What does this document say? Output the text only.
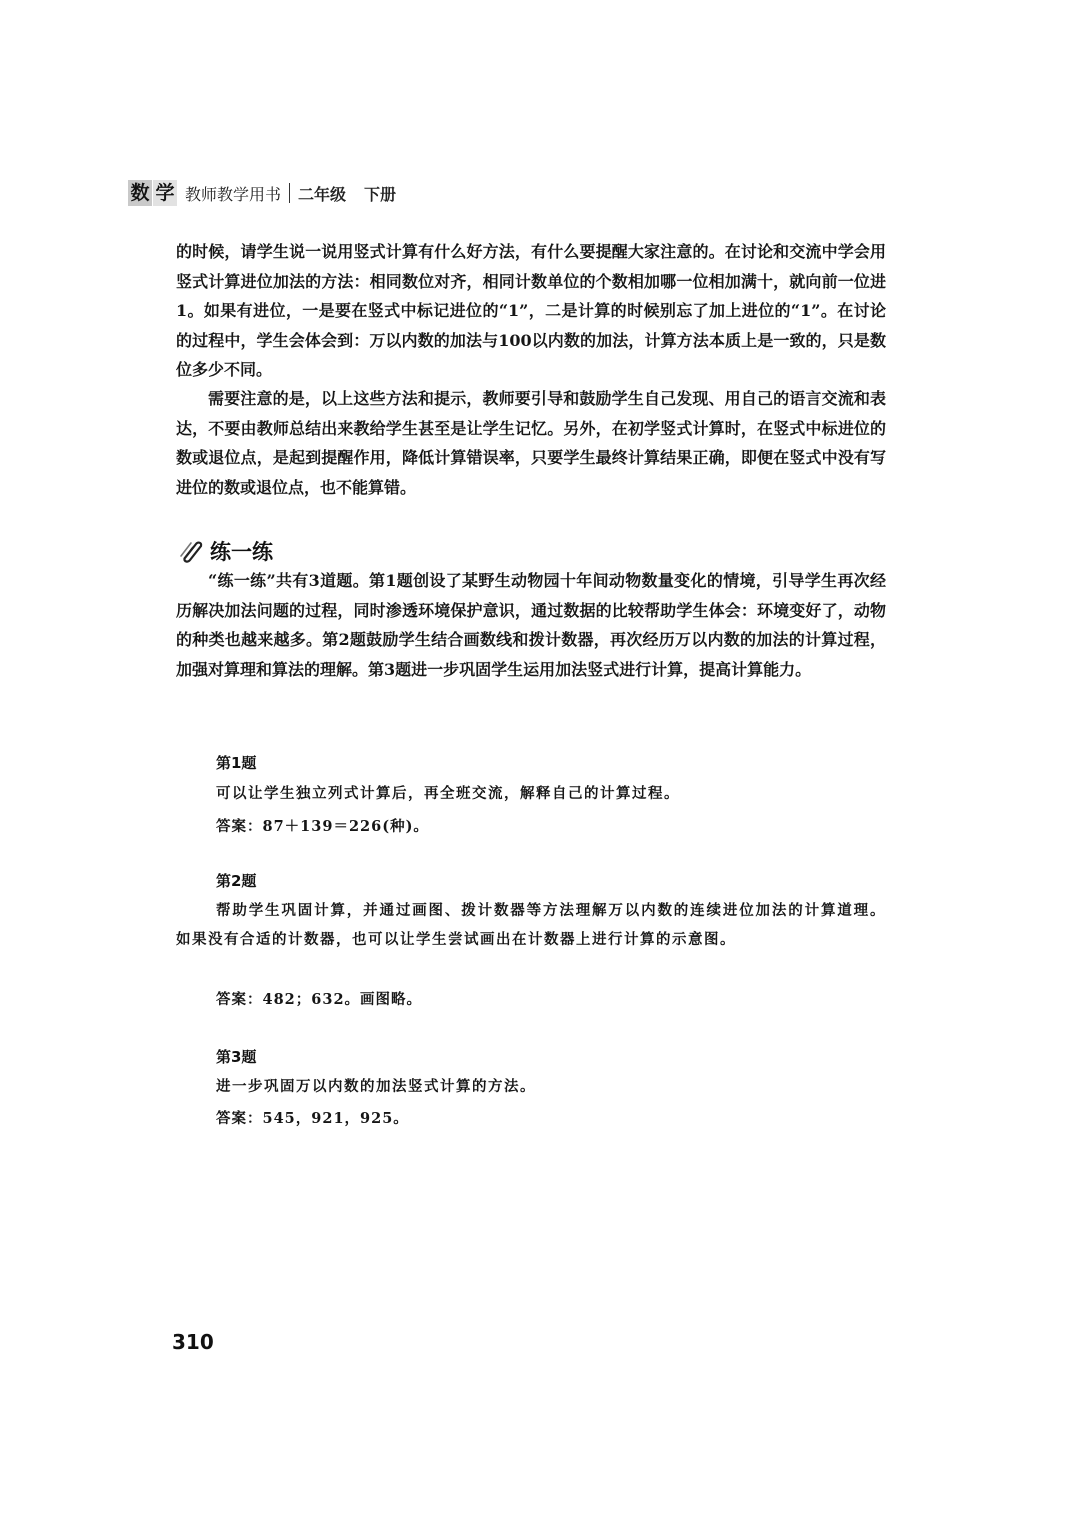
数 学 教师教学用书 二年级 下册

的时候，请学生说一说用竖式计算有什么好方法，有什么要提醒大家注意的。在讨论和交流中学会用竖式计算进位加法的方法：相同数位对齐，相同计数单位的个数相加哪一位相加满十，就向前一位进1。如果有进位，一是要在竖式中标记进位的“1”，二是计算的时候别忘了加上进位的“1”。在讨论的过程中，学生会体会到：万以内数的加法与100以内数的加法，计算方法本质上是一致的，只是数位多少不同。

需要注意的是，以上这些方法和提示，教师要引导和鼓励学生自己发现、用自己的语言交流和表达，不要由教师总结出来教给学生甚至是让学生记忆。另外，在初学竖式计算时，在竖式中标进位的数或退位点，是起到提醒作用，降低计算错误率，只要学生最终计算结果正确，即便在竖式中没有写进位的数或退位点，也不能算错。

练一练

“练一练”共有3道题。第1题创设了某野生动物园十年间动物数量变化的情境，引导学生再次经历解决加法问题的过程，同时渗透环境保护意识，通过数据的比较帮助学生体会：环境变好了，动物的种类也越来越多。第2题鼓励学生结合画数线和拨计数器，再次经历万以内数的加法的计算过程，加强对算理和算法的理解。第3题进一步巩固学生运用加法竖式进行计算，提高计算能力。

第1题

可以让学生独立列式计算后，再全班交流，解释自己的计算过程。

答案：87＋139＝226(种)。
第2题

帮助学生巩固计算，并通过画图、拨计数器等方法理解万以内数的连续进位加法的计算道理。如果没有合适的计数器，也可以让学生尝试画出在计数器上进行计算的示意图。

答案：482；632。画图略。
第3题

进一步巩固万以内数的加法竖式计算的方法。

答案：545，921，925。
310
